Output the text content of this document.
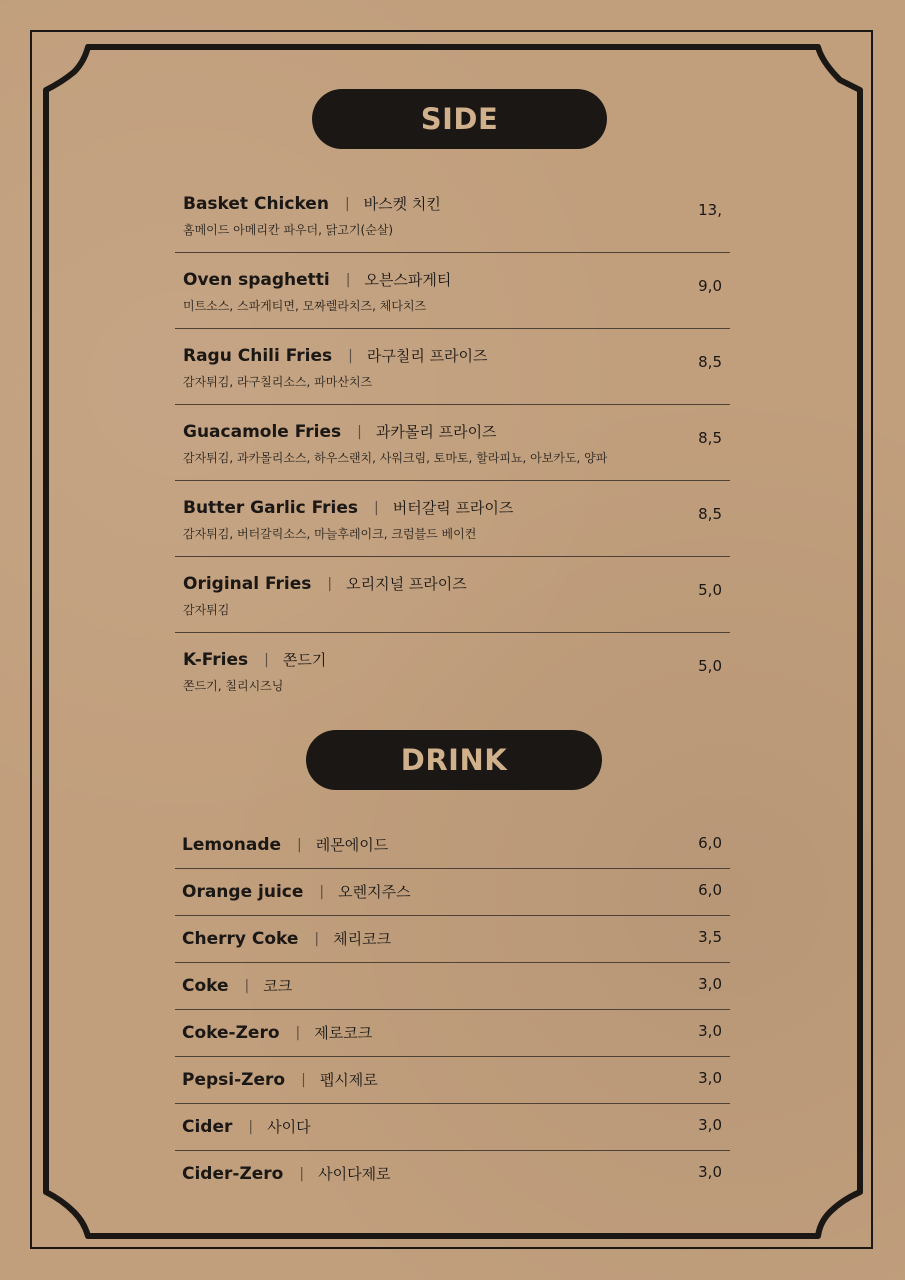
SIDE
Basket Chicken | 바스켓 치킨
홈메이드 아메리칸 파우더, 닭고기(순살)
13,
Oven spaghetti | 오븐스파게티
미트소스, 스파게티면, 모짜렐라치즈, 체다치즈
9,0
Ragu Chili Fries | 라구칠리 프라이즈
감자튀김, 라구칠리소스, 파마산치즈
8,5
Guacamole Fries | 과카몰리 프라이즈
감자튀김, 과카몰리소스, 하우스랜치, 사워크림, 토마토, 할라피뇨, 아보카도, 양파
8,5
Butter Garlic Fries | 버터갈릭 프라이즈
감자튀김, 버터갈릭소스, 마늘후레이크, 크럼블드 베이컨
8,5
Original Fries | 오리지널 프라이즈
감자튀김
5,0
K-Fries | 쫀드기
쫀드기, 칠리시즈닝
5,0
DRINK
Lemonade | 레몬에이드	6,0
Orange juice | 오렌지주스	6,0
Cherry Coke | 체리코크	3,5
Coke | 코크	3,0
Coke-Zero | 제로코크	3,0
Pepsi-Zero | 펩시제로	3,0
Cider | 사이다	3,0
Cider-Zero | 사이다제로	3,0
